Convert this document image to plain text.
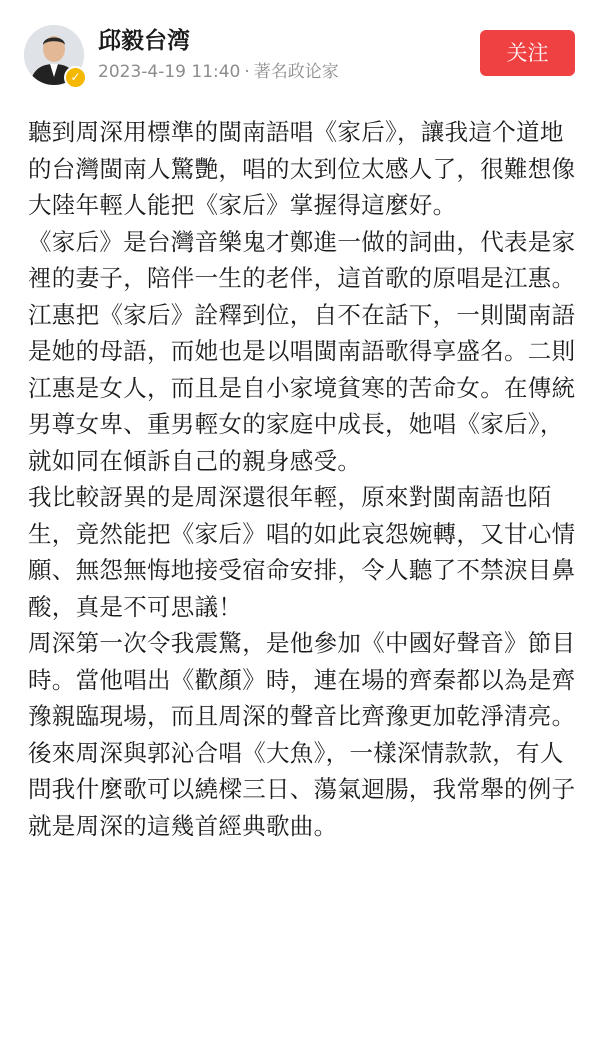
✓
邱毅台湾
2023-4-19 11:40 · 著名政论家
关注

聽到周深用標準的閩南語唱《家后》，讓我這个道地的台灣閩南人驚艷，唱的太到位太感人了，很難想像大陸年輕人能把《家后》掌握得這麼好。

《家后》是台灣音樂鬼才鄭進一做的詞曲，代表是家裡的妻子，陪伴一生的老伴，這首歌的原唱是江惠。江惠把《家后》詮釋到位，自不在話下，一則閩南語是她的母語，而她也是以唱閩南語歌得享盛名。二則江惠是女人，而且是自小家境貧寒的苦命女。在傳統男尊女卑、重男輕女的家庭中成長，她唱《家后》，就如同在傾訴自己的親身感受。

我比較訝異的是周深還很年輕，原來對閩南語也陌生，竟然能把《家后》唱的如此哀怨婉轉，又甘心情願、無怨無悔地接受宿命安排，令人聽了不禁淚目鼻酸，真是不可思議！

周深第一次令我震驚，是他參加《中國好聲音》節目時。當他唱出《歡顏》時，連在場的齊秦都以為是齊豫親臨現場，而且周深的聲音比齊豫更加乾淨清亮。後來周深與郭沁合唱《大魚》，一樣深情款款，有人問我什麼歌可以繞樑三日、蕩氣迴腸，我常舉的例子就是周深的這幾首經典歌曲。
